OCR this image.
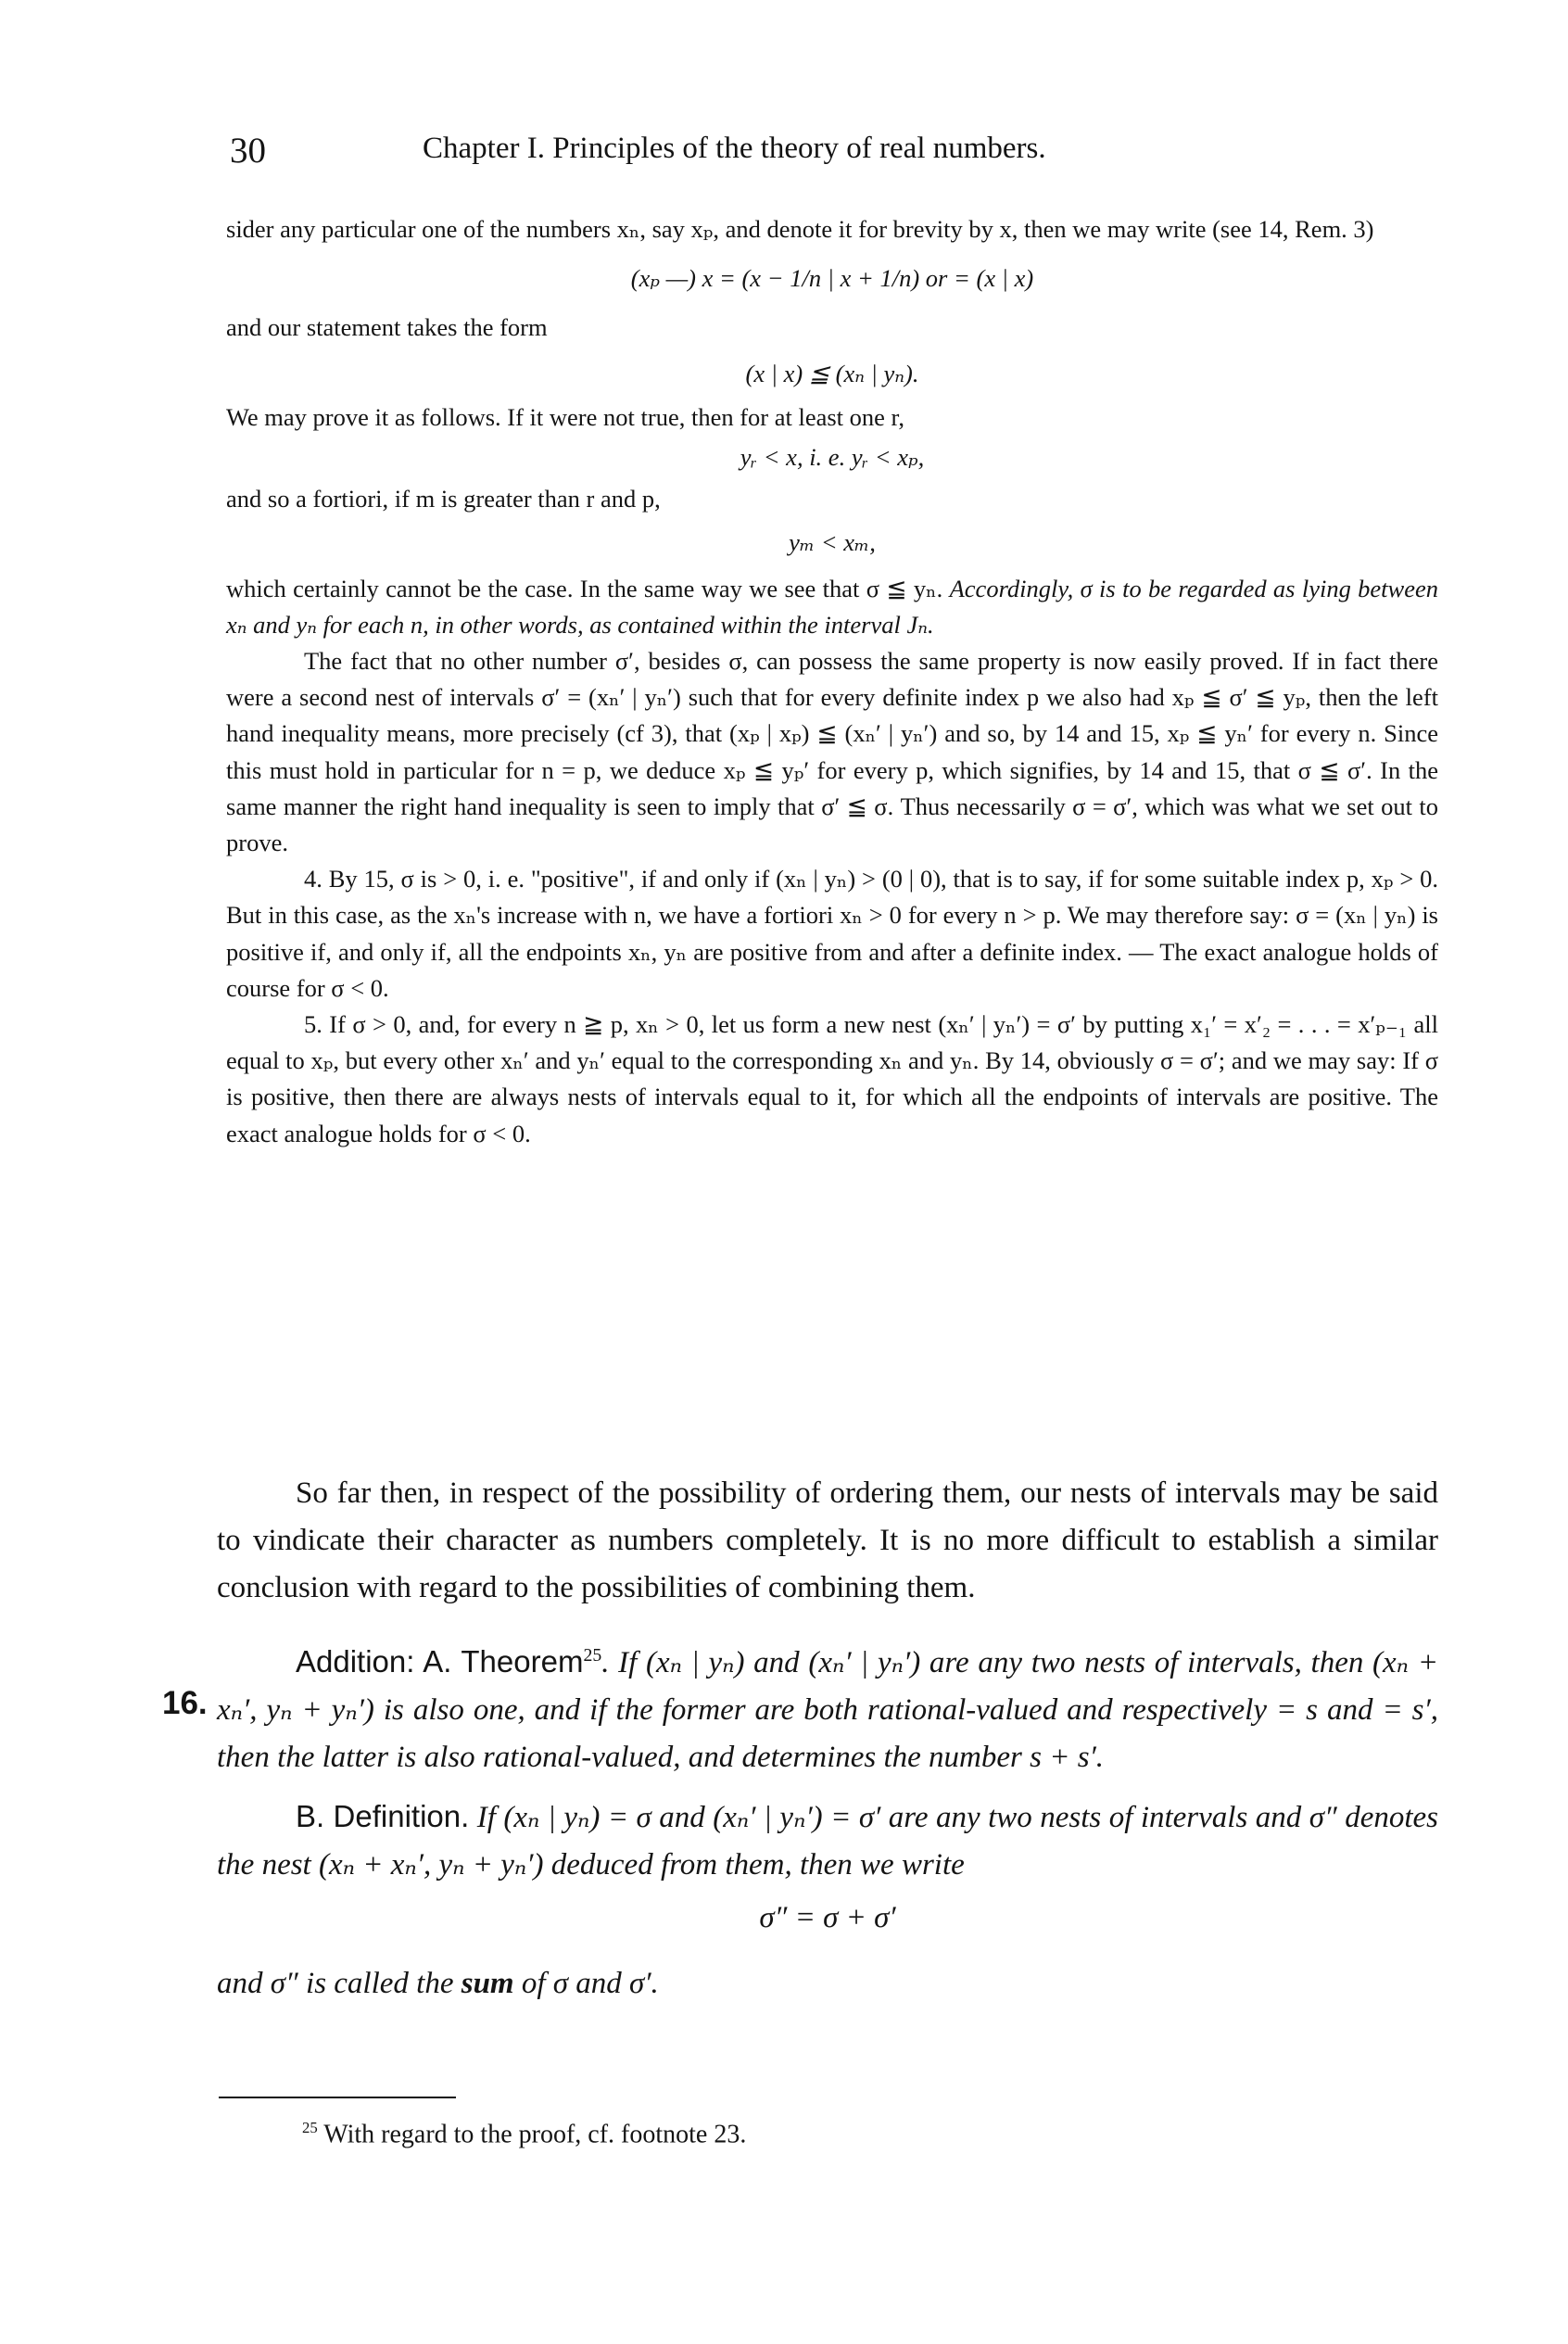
30	Chapter I. Principles of the theory of real numbers.

sider any particular one of the numbers xₙ, say xₚ, and denote it for brevity by x, then we may write (see 14, Rem. 3)

(xₚ —) x = (x − 1/n | x + 1/n) or = (x | x)

and our statement takes the form

(x | x) ≦ (xₙ | yₙ).

We may prove it as follows. If it were not true, then for at least one r,

yᵣ < x, i. e. yᵣ < xₚ,

and so a fortiori, if m is greater than r and p,

yₘ < xₘ,

which certainly cannot be the case. In the same way we see that σ ≦ yₙ. Accordingly, σ is to be regarded as lying between xₙ and yₙ for each n, in other words, as contained within the interval Jₙ.

The fact that no other number σ′, besides σ, can possess the same property is now easily proved. If in fact there were a second nest of intervals σ′ = (xₙ′ | yₙ′) such that for every definite index p we also had xₚ ≦ σ′ ≦ yₚ, then the left hand inequality means, more precisely (cf 3), that (xₚ | xₚ) ≦ (xₙ′ | yₙ′) and so, by 14 and 15, xₚ ≦ yₙ′ for every n. Since this must hold in particular for n = p, we deduce xₚ ≦ yₚ′ for every p, which signifies, by 14 and 15, that σ ≦ σ′. In the same manner the right hand inequality is seen to imply that σ′ ≦ σ. Thus necessarily σ = σ′, which was what we set out to prove.

4. By 15, σ is > 0, i. e. "positive", if and only if (xₙ | yₙ) > (0 | 0), that is to say, if for some suitable index p, xₚ > 0. But in this case, as the xₙ's increase with n, we have a fortiori xₙ > 0 for every n > p. We may therefore say: σ = (xₙ | yₙ) is positive if, and only if, all the endpoints xₙ, yₙ are positive from and after a definite index. — The exact analogue holds of course for σ < 0.

5. If σ > 0, and, for every n ≧ p, xₙ > 0, let us form a new nest (xₙ′ | yₙ′) = σ′ by putting x₁′ = x′₂ = . . . = x′ₚ₋₁ all equal to xₚ, but every other xₙ′ and yₙ′ equal to the corresponding xₙ and yₙ. By 14, obviously σ = σ′; and we may say: If σ is positive, then there are always nests of intervals equal to it, for which all the endpoints of intervals are positive. The exact analogue holds for σ < 0.

So far then, in respect of the possibility of ordering them, our nests of intervals may be said to vindicate their character as numbers completely. It is no more difficult to establish a similar conclusion with regard to the possibilities of combining them.

Addition: A. Theorem$^{25}$. If (xₙ | yₙ) and (xₙ′ | yₙ′) are any two nests of intervals, then (xₙ + xₙ′, yₙ + yₙ′) is also one, and if the former are both rational-valued and respectively = s and = s′, then the latter is also rational-valued, and determines the number s + s′.

B. Definition. If (xₙ | yₙ) = σ and (xₙ′ | yₙ′) = σ′ are any two nests of intervals and σ″ denotes the nest (xₙ + xₙ′, yₙ + yₙ′) deduced from them, then we write

σ″ = σ + σ′

and σ″ is called the sum of σ and σ′.

16.
$^{25}$ With regard to the proof, cf. footnote 23.
